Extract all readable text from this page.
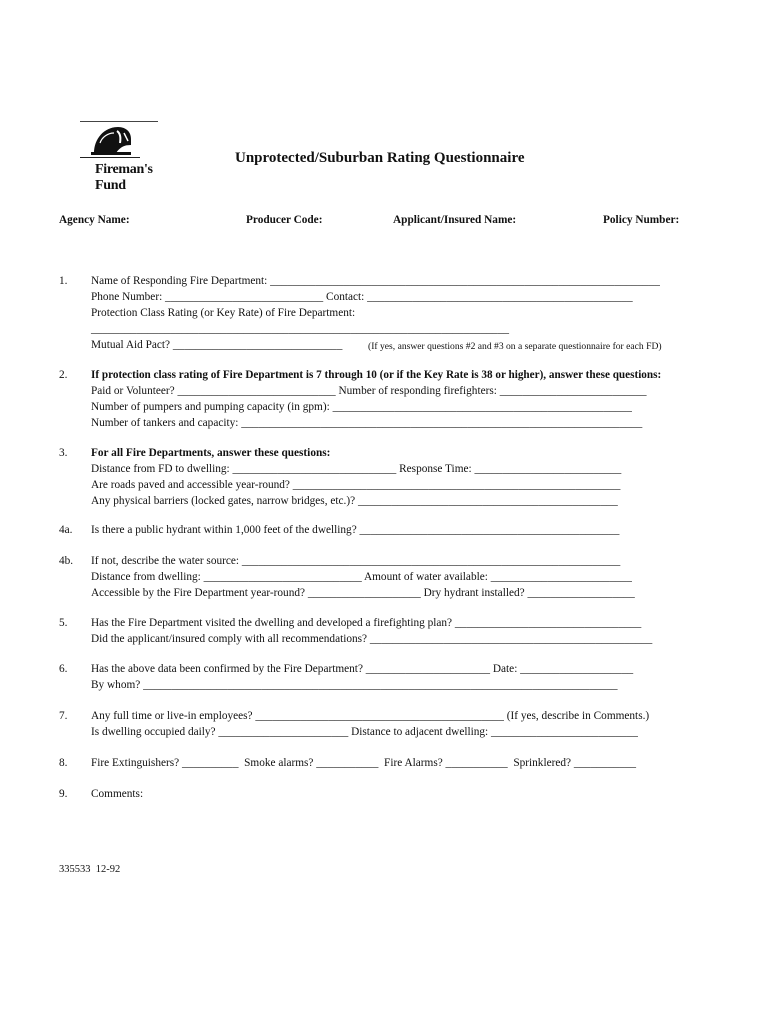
Fireman's
Fund
Unprotected/Suburban Rating Questionnaire
Agency Name:	Producer Code:	Applicant/Insured Name:	Policy Number:
1. Name of Responding Fire Department: _____________________________________________________________________
Phone Number: ____________________________ Contact: _______________________________________________
Protection Class Rating (or Key Rate) of Fire Department:
__________________________________________________________________________
Mutual Aid Pact? ______________________________	(If yes, answer questions #2 and #3 on a separate questionnaire for each FD)
2. If protection class rating of Fire Department is 7 through 10 (or if the Key Rate is 38 or higher), answer these questions:
Paid or Volunteer? ____________________________ Number of responding firefighters: __________________________
Number of pumpers and pumping capacity (in gpm): _____________________________________________________
Number of tankers and capacity: _______________________________________________________________________
3. For all Fire Departments, answer these questions:
Distance from FD to dwelling: _____________________________ Response Time: __________________________
Are roads paved and accessible year-round? __________________________________________________________
Any physical barriers (locked gates, narrow bridges, etc.)? ______________________________________________
4a. Is there a public hydrant within 1,000 feet of the dwelling? ______________________________________________
4b. If not, describe the water source: ___________________________________________________________________
Distance from dwelling: ____________________________ Amount of water available: _________________________
Accessible by the Fire Department year-round? ____________________ Dry hydrant installed? ___________________
5. Has the Fire Department visited the dwelling and developed a firefighting plan? _________________________________
Did the applicant/insured comply with all recommendations? __________________________________________________
6. Has the above data been confirmed by the Fire Department? ______________________ Date: ____________________
By whom? ____________________________________________________________________________________
7. Any full time or live-in employees? ____________________________________________ (If yes, describe in Comments.)
Is dwelling occupied daily? _______________________ Distance to adjacent dwelling: __________________________
8. Fire Extinguishers? __________  Smoke alarms? ___________  Fire Alarms? ___________  Sprinklered? ___________
9. Comments:
335533  12-92
